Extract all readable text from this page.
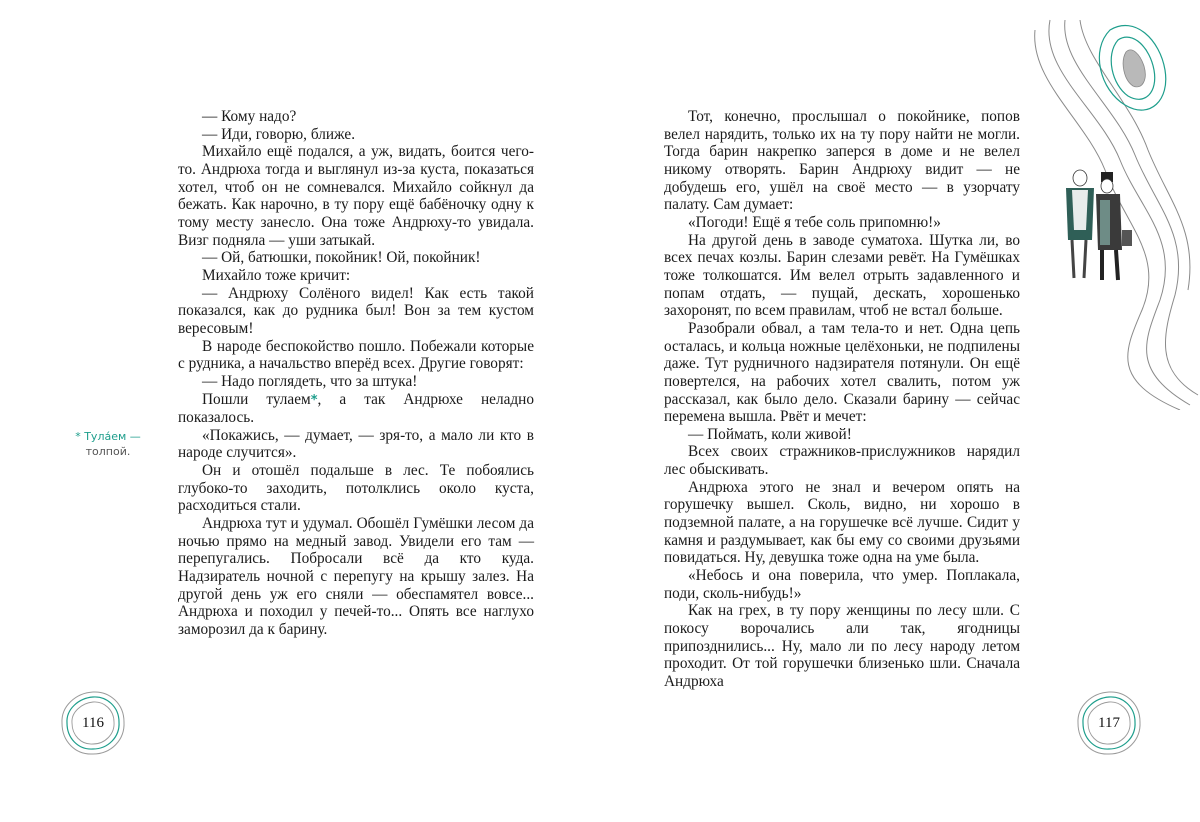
— Кому надо?

— Иди, говорю, ближе.

Михайло ещё подался, а уж, видать, боится чего-то. Андрюха тогда и выглянул из-за куста, показаться хотел, чтоб он не сомневался. Михайло сойкнул да бежать. Как нарочно, в ту пору ещё бабёночку одну к тому месту занесло. Она тоже Андрюху-то увидала. Визг подняла — уши затыкай.

— Ой, батюшки, покойник! Ой, покойник!

Михайло тоже кричит:

— Андрюху Солёного видел! Как есть такой показался, как до рудника был! Вон за тем кустом вересовым!

В народе беспокойство пошло. Побежали которые с рудника, а начальство вперёд всех. Другие говорят:

— Надо поглядеть, что за штука!

Пошли тулаем*, а так Андрюхе неладно показалось.

«Покажись, — думает, — зря-то, а мало ли кто в народе случится».

Он и отошёл подальше в лес. Те побоялись глубоко-то заходить, потолклись около куста, расходиться стали.

Андрюха тут и удумал. Обошёл Гумёшки лесом да ночью прямо на медный завод. Увидели его там — перепугались. Побросали всё да кто куда. Надзиратель ночной с перепугу на крышу залез. На другой день уж его сняли — обеспамятел вовсе... Андрюха и походил у печей-то... Опять все наглухо заморозил да к барину.

* Тула́ем —
толпой.

Тот, конечно, прослышал о покойнике, попов велел нарядить, только их на ту пору найти не могли. Тогда барин накрепко заперся в доме и не велел никому отворять. Барин Андрюху видит — не добудешь его, ушёл на своё место — в узорчату палату. Сам думает:

«Погоди! Ещё я тебе соль припомню!»

На другой день в заводе суматоха. Шутка ли, во всех печах козлы. Барин слезами ревёт. На Гумёшках тоже толкошатся. Им велел отрыть задавленного и попам отдать, — пущай, дескать, хорошенько захоронят, по всем правилам, чтоб не встал больше.

Разобрали обвал, а там тела-то и нет. Одна цепь осталась, и кольца ножные целёхоньки, не подпилены даже. Тут рудничного надзирателя потянули. Он ещё повертелся, на рабочих хотел свалить, потом уж рассказал, как было дело. Сказали барину — сейчас перемена вышла. Рвёт и мечет:

— Поймать, коли живой!

Всех своих стражников-прислужников нарядил лес обыскивать.

Андрюха этого не знал и вечером опять на горушечку вышел. Сколь, видно, ни хорошо в подземной палате, а на горушечке всё лучше. Сидит у камня и раздумывает, как бы ему со своими друзьями повидаться. Ну, девушка тоже одна на уме была.

«Небось и она поверила, что умер. Поплакала, поди, сколь-нибудь!»

Как на грех, в ту пору женщины по лесу шли. С покосу ворочались али так, ягодницы припозднились... Ну, мало ли по лесу народу летом проходит. От той горушечки близенько шли. Сначала Андрюха

116	117
